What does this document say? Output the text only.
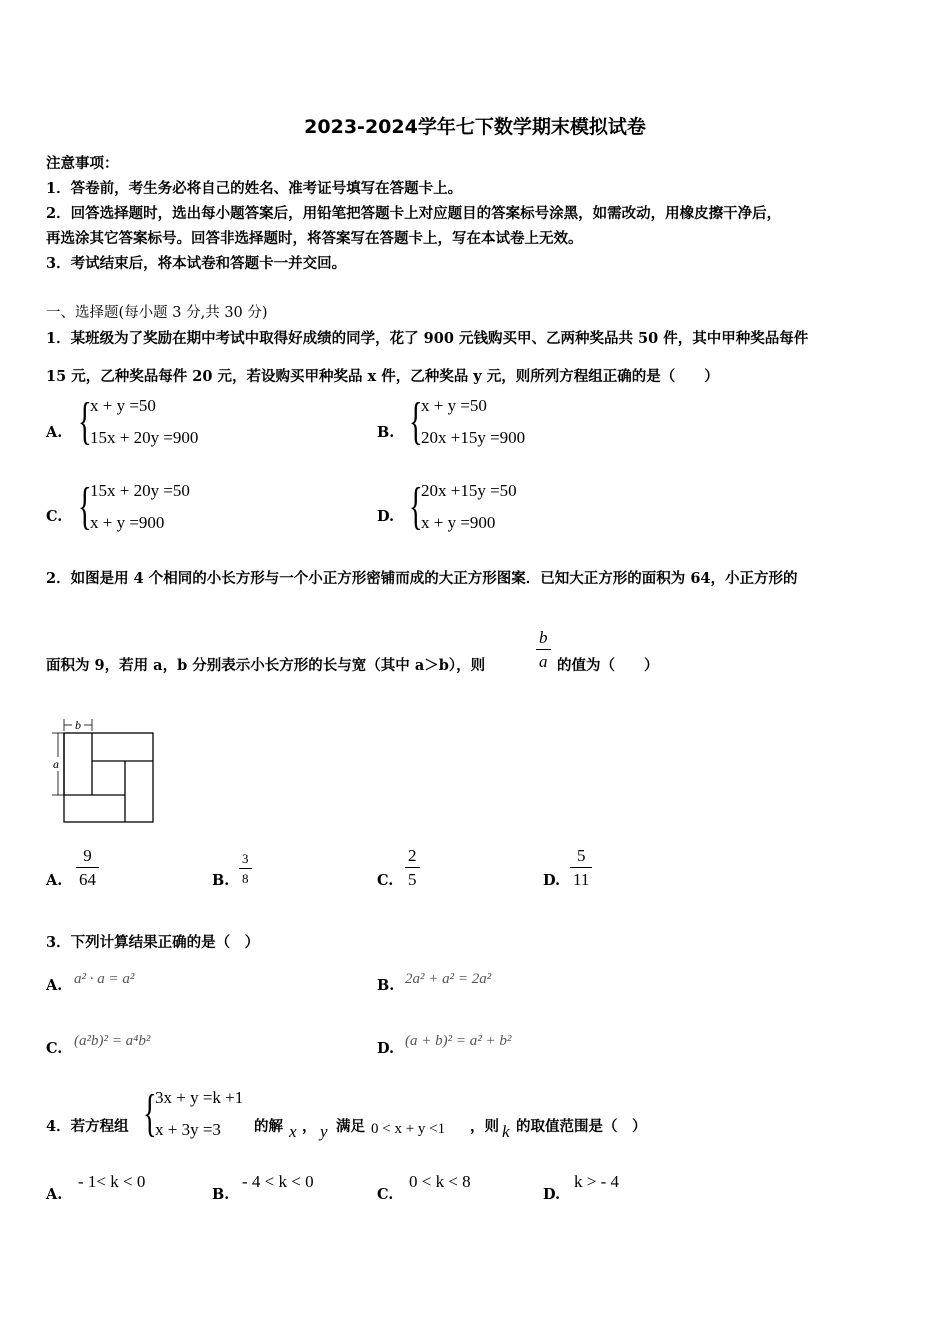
2023-2024学年七下数学期末模拟试卷
注意事项：
1．答卷前，考生务必将自己的姓名、准考证号填写在答题卡上。
2．回答选择题时，选出每小题答案后，用铅笔把答题卡上对应题目的答案标号涂黑，如需改动，用橡皮擦干净后，
再选涂其它答案标号。回答非选择题时，将答案写在答题卡上，写在本试卷上无效。
3．考试结束后，将本试卷和答题卡一并交回。
一、选择题(每小题 3 分,共 30 分)
1．某班级为了奖励在期中考试中取得好成绩的同学，花了 900 元钱购买甲、乙两种奖品共 50 件，其中甲种奖品每件
15 元，乙种奖品每件 20 元，若设购买甲种奖品 x 件，乙种奖品 y 元，则所列方程组正确的是（　　）
A. {
x + y =50
15x + 20y =900	B. {
x + y =50
20x +15y =900
C. {
15x + 20y =50
x + y =900	D. {
20x +15y =50
x + y =900
2．如图是用 4 个相同的小长方形与一个小正方形密铺而成的大正方形图案．已知大正方形的面积为 64，小正方形的
面积为 9，若用 a，b 分别表示小长方形的长与宽（其中 a＞b），则	$\frac{b}{a}$ 的值为（　　）
b
a
A. $\frac{9}{64}$	B. $\frac{3}{8}$	C. $\frac{2}{5}$	D. $\frac{5}{11}$
3．下列计算结果正确的是（　）
A. a² · a = a²	B. 2a² + a² = 2a²
C. (a²b)² = a⁴b²	D. (a + b)² = a² + b²
4．若方程组 {
3x + y =k +1
x + 3y =3	的解 x ， y 满足 0 < x + y <1 ，则 k 的取值范围是（　）
A.
- 1< k < 0
B.
- 4 < k < 0
C.
0 < k < 8
D.
k > - 4
